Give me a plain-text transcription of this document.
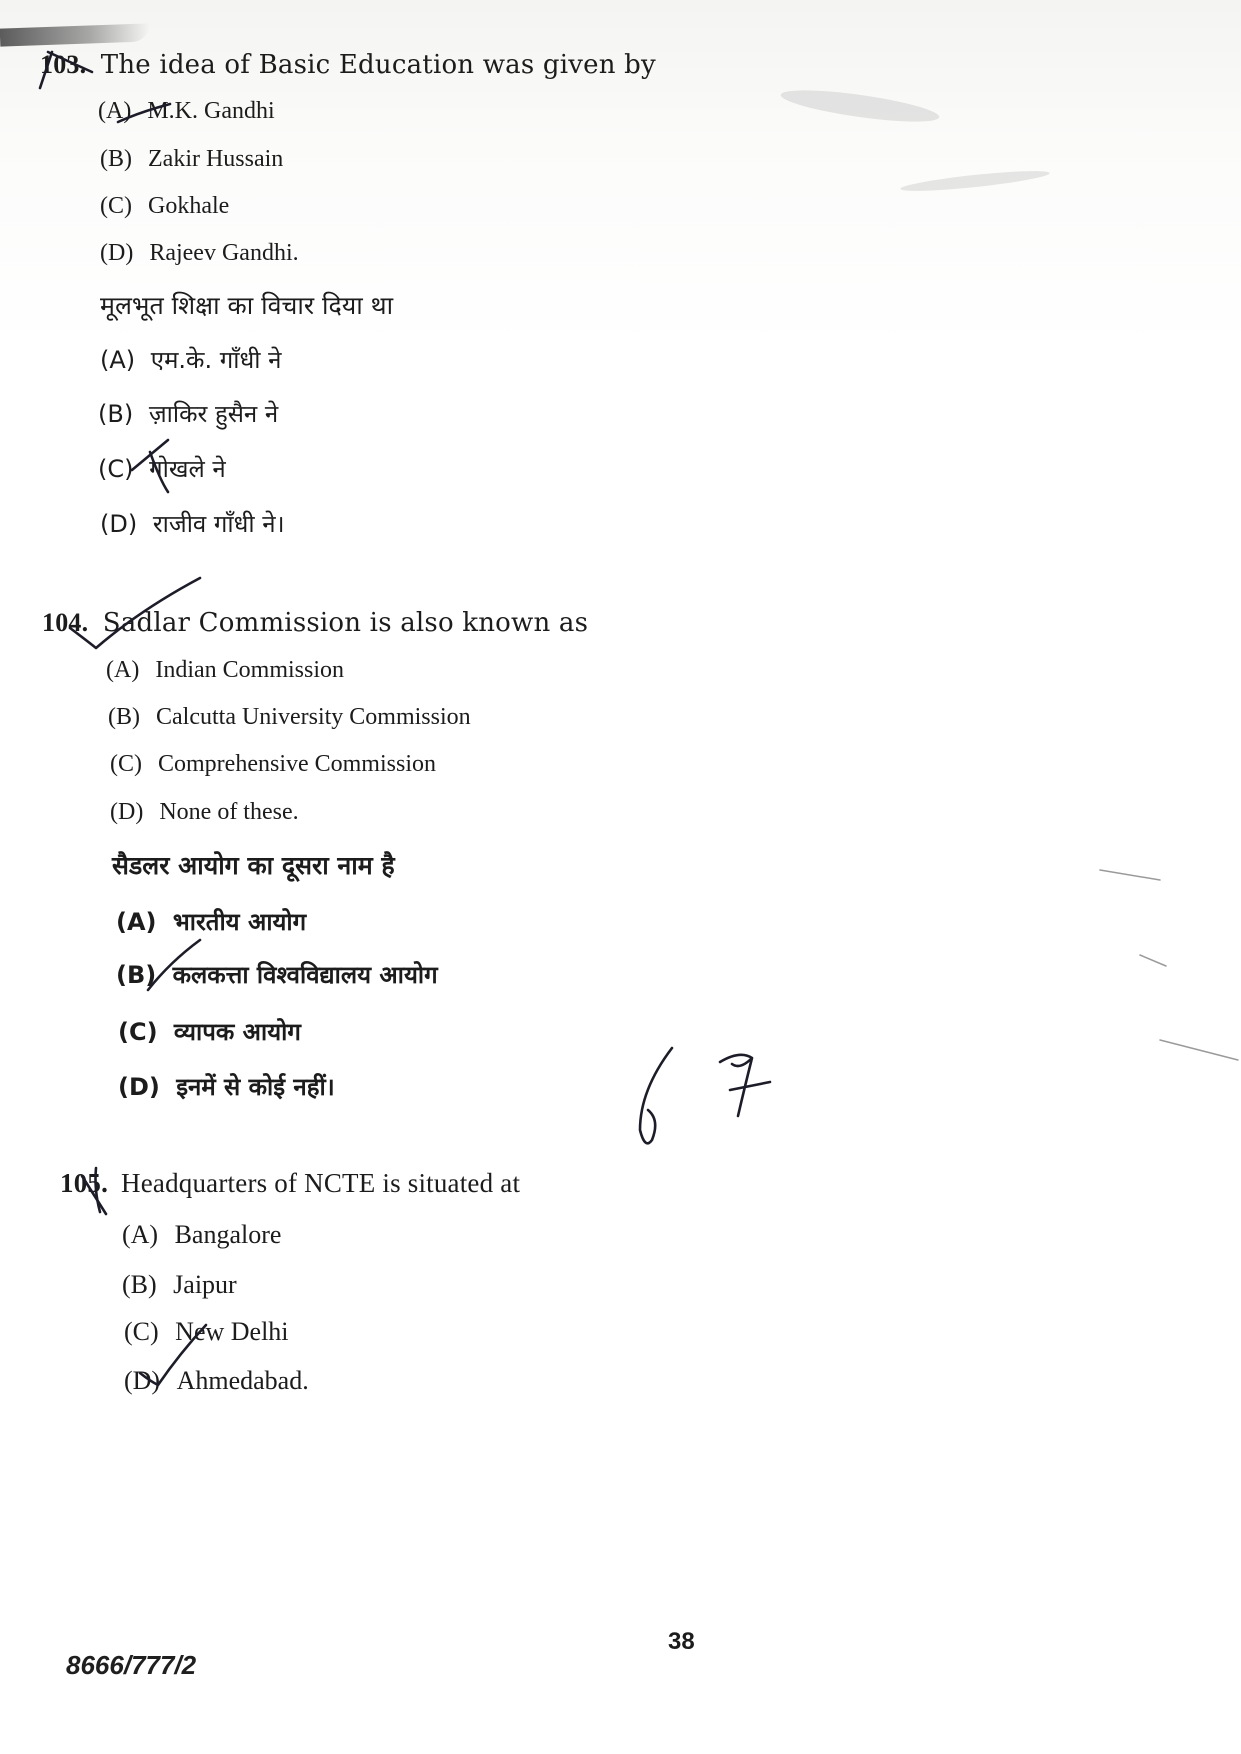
103. The idea of Basic Education was given by
(A) M.K. Gandhi
(B) Zakir Hussain
(C) Gokhale
(D) Rajeev Gandhi.
मूलभूत शिक्षा का विचार दिया था
(A) एम.के. गाँधी ने
(B) ज़ाकिर हुसैन ने
(C) गोखले ने
(D) राजीव गाँधी ने।
104. Sadlar Commission is also known as
(A) Indian Commission
(B) Calcutta University Commission
(C) Comprehensive Commission
(D) None of these.
सैडलर आयोग का दूसरा नाम है
(A) भारतीय आयोग
(B) कलकत्ता विश्वविद्यालय आयोग
(C) व्यापक आयोग
(D) इनमें से कोई नहीं।
105. Headquarters of NCTE is situated at
(A) Bangalore
(B) Jaipur
(C) New Delhi
(D) Ahmedabad.
38
8666/777/2
